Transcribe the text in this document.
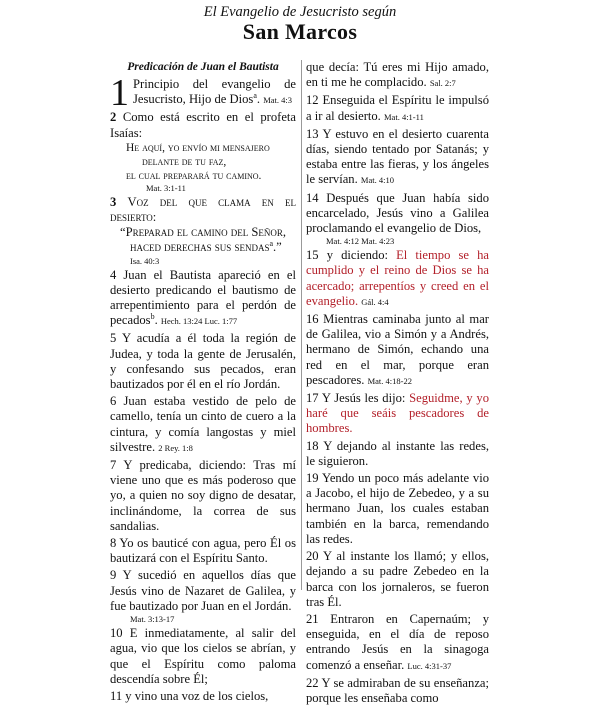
El Evangelio de Jesucristo según
San Marcos

Predicación de Juan el Bautista

1 Principio del evangelio de Jesucristo, Hijo de Dios$^a$. Mat. 4:3

2 Como está escrito en el profeta Isaías:

He aquí, yo envío mi mensajero

delante de tu faz,
el cual preparará tu camino.
Mat. 3:1-11

3 Voz del que clama en el desierto:
“Preparad el camino del Señor,
haced derechas sus sendas$^a$.”
Isa. 40:3

4 Juan el Bautista apareció en el desierto predicando el bautismo de arrepentimiento para el perdón de pecados$^b$. Hech. 13:24 Luc. 1:77

5 Y acudía a él toda la región de Judea, y toda la gente de Jerusalén, y confesando sus pecados, eran bautizados por él en el río Jordán.

6 Juan estaba vestido de pelo de camello, tenía un cinto de cuero a la cintura, y comía langostas y miel silvestre. 2 Rey. 1:8

7 Y predicaba, diciendo: Tras mí viene uno que es más poderoso que yo, a quien no soy digno de desatar, inclinándome, la correa de sus sandalias.

8 Yo os bauticé con agua, pero Él os bautizará con el Espíritu Santo.

9 Y sucedió en aquellos días que Jesús vino de Nazaret de Galilea, y fue bautizado por Juan en el Jordán.
Mat. 3:13-17

10 E inmediatamente, al salir del agua, vio que los cielos se abrían, y que el Espíritu como paloma descendía sobre Él;

11 y vino una voz de los cielos,

que decía: Tú eres mi Hijo amado, en ti me he complacido. Sal. 2:7

12 Enseguida el Espíritu le impulsó a ir al desierto. Mat. 4:1-11

13 Y estuvo en el desierto cuarenta días, siendo tentado por Satanás; y estaba entre las fieras, y los ángeles le servían. Mat. 4:10

14 Después que Juan había sido encarcelado, Jesús vino a Galilea proclamando el evangelio de Dios,
Mat. 4:12 Mat. 4:23

15 y diciendo: El tiempo se ha cumplido y el reino de Dios se ha acercado; arrepentíos y creed en el evangelio. Gál. 4:4

16 Mientras caminaba junto al mar de Galilea, vio a Simón y a Andrés, hermano de Simón, echando una red en el mar, porque eran pescadores. Mat. 4:18-22

17 Y Jesús les dijo: Seguidme, y yo haré que seáis pescadores de hombres.

18 Y dejando al instante las redes, le siguieron.

19 Yendo un poco más adelante vio a Jacobo, el hijo de Zebedeo, y a su hermano Juan, los cuales estaban también en la barca, remendando las redes.

20 Y al instante los llamó; y ellos, dejando a su padre Zebedeo en la barca con los jornaleros, se fueron tras Él.

21 Entraron en Capernaúm; y enseguida, en el día de reposo entrando Jesús en la sinagoga comenzó a enseñar. Luc. 4:31-37

22 Y se admiraban de su enseñanza; porque les enseñaba como
